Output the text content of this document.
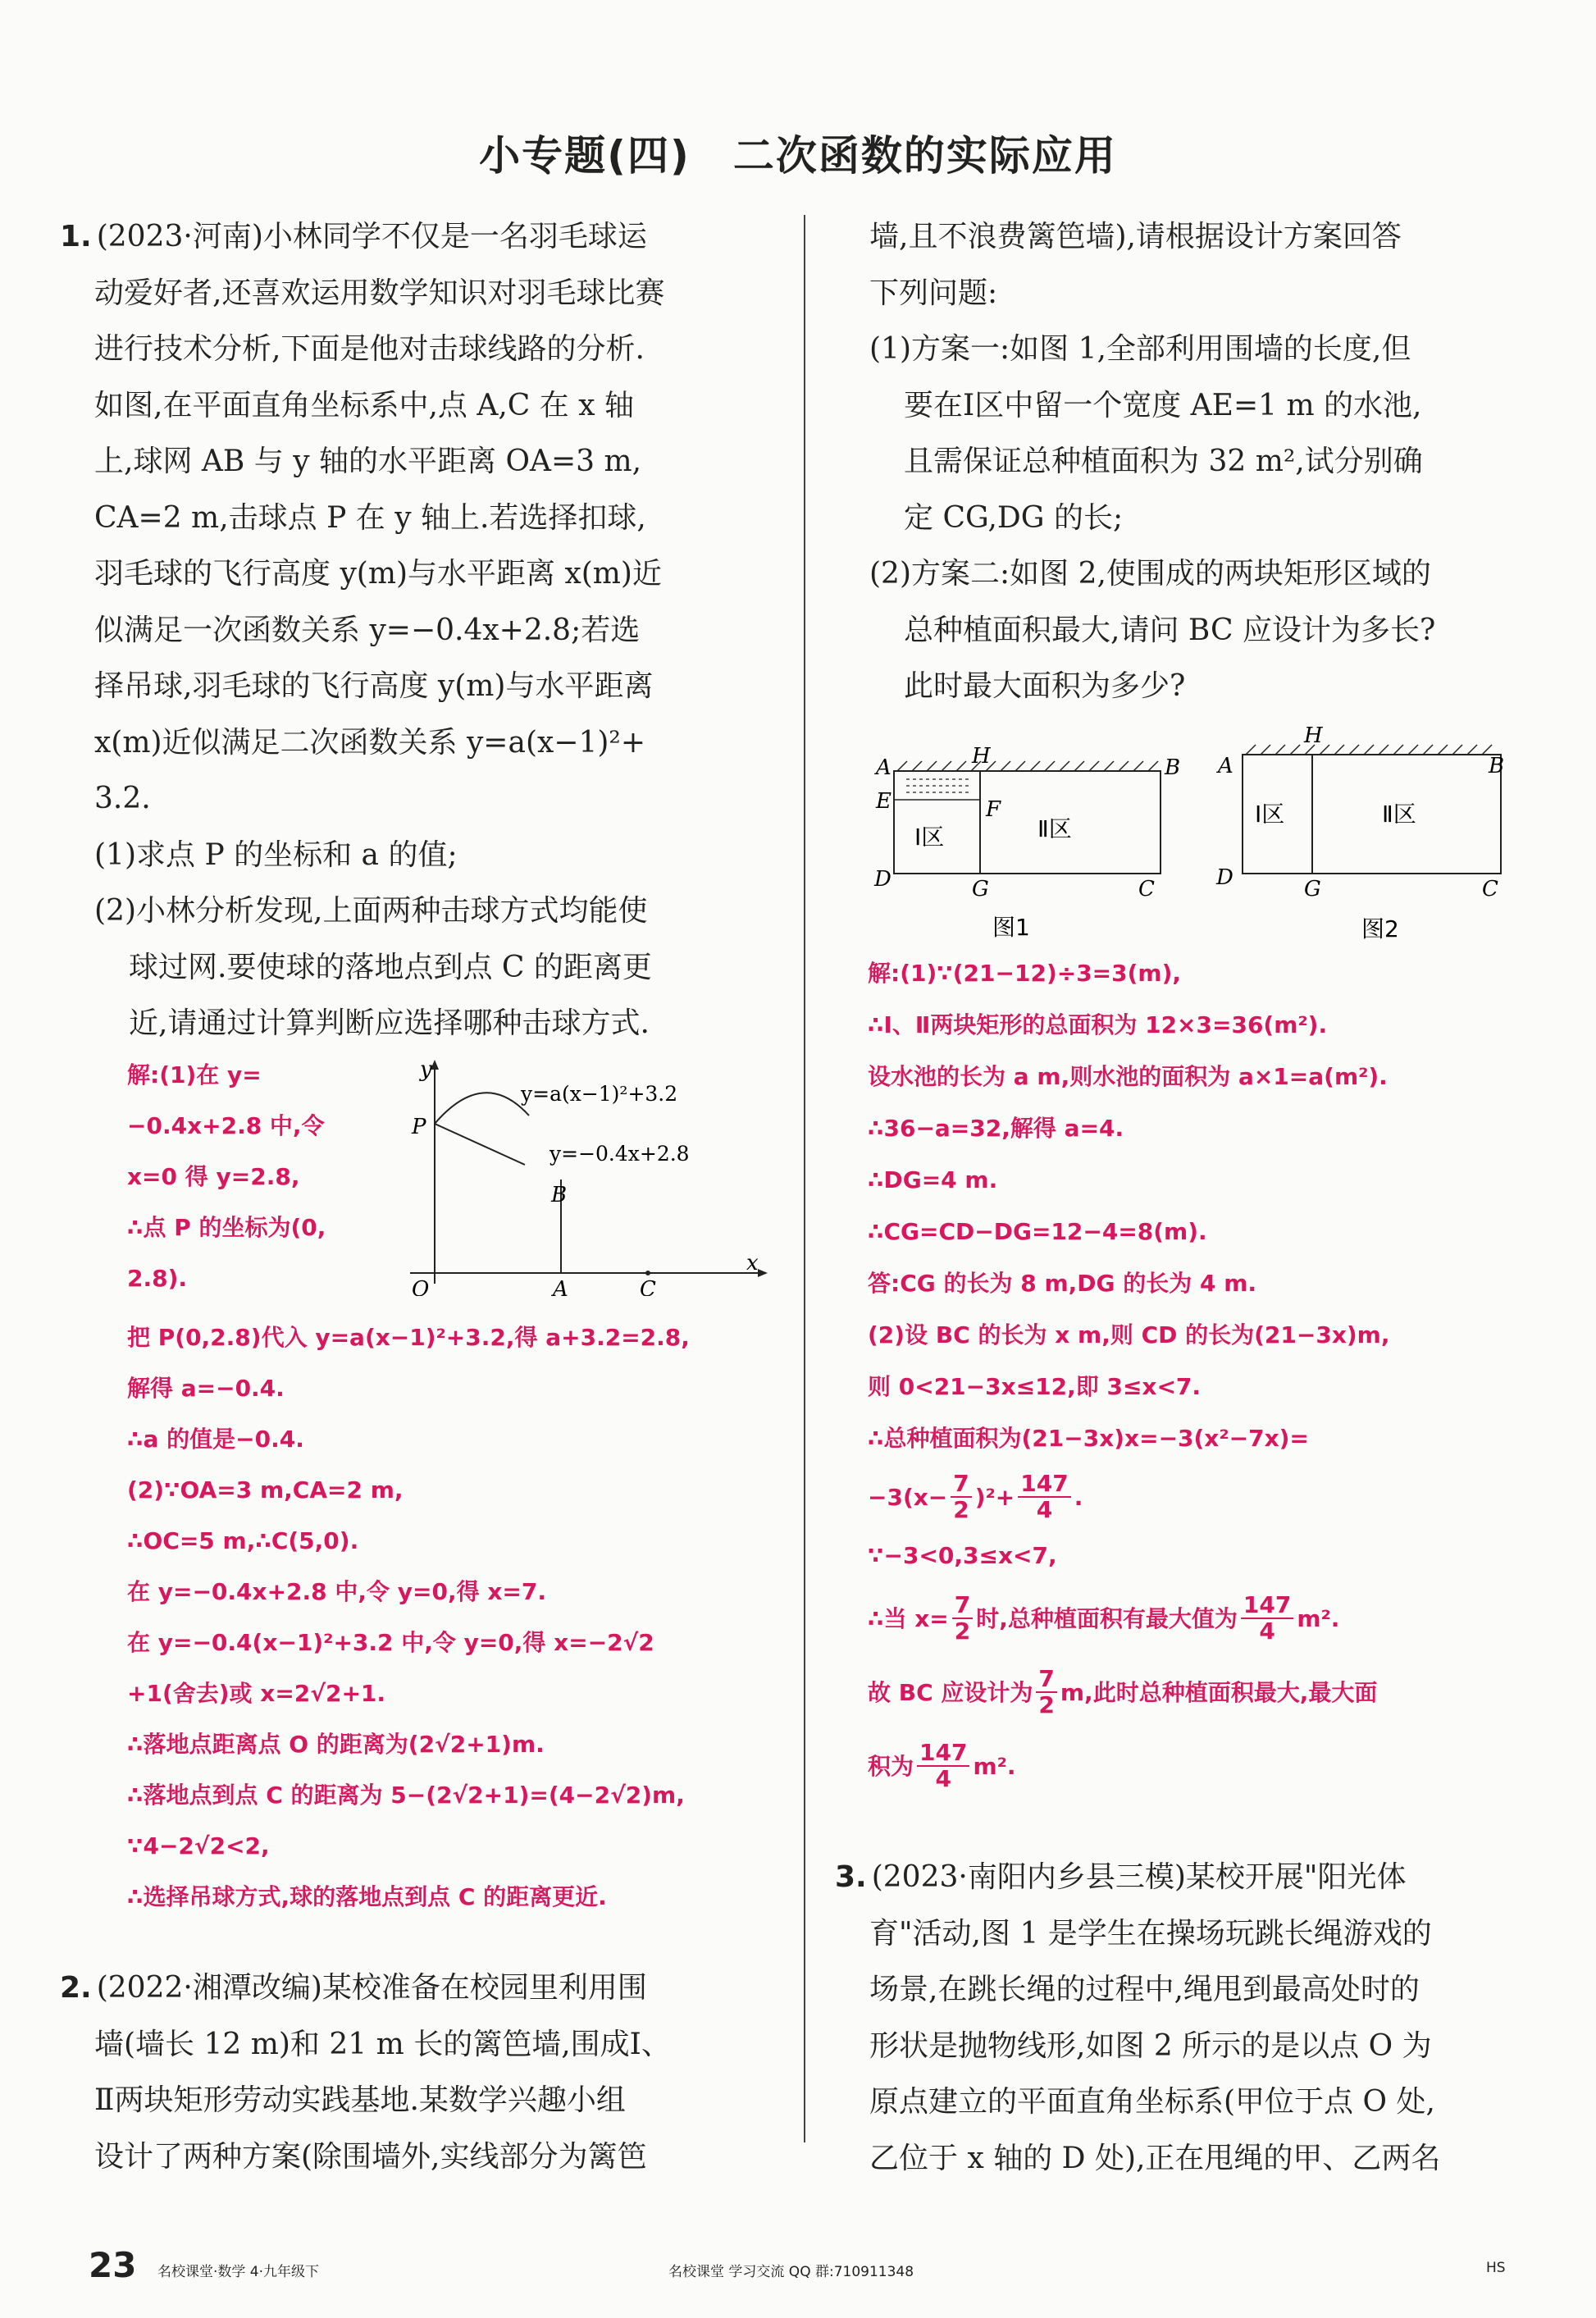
小专题(四)　二次函数的实际应用

1. (2023·河南)小林同学不仅是一名羽毛球运

动爱好者,还喜欢运用数学知识对羽毛球比赛

进行技术分析,下面是他对击球线路的分析.

如图,在平面直角坐标系中,点 A,C 在 x 轴

上,球网 AB 与 y 轴的水平距离 OA=3 m,

CA=2 m,击球点 P 在 y 轴上.若选择扣球,

羽毛球的飞行高度 y(m)与水平距离 x(m)近

似满足一次函数关系 y=−0.4x+2.8;若选

择吊球,羽毛球的飞行高度 y(m)与水平距离

x(m)近似满足二次函数关系 y=a(x−1)²+

3.2.

(1)求点 P 的坐标和 a 的值;

(2)小林分析发现,上面两种击球方式均能使

球过网.要使球的落地点到点 C 的距离更

近,请通过计算判断应选择哪种击球方式.

解:(1)在 y=

−0.4x+2.8 中,令

x=0 得 y=2.8,

∴点 P 的坐标为(0,

2.8).

y
x
O
P
A
B
C
y=a(x−1)²+3.2
y=−0.4x+2.8

把 P(0,2.8)代入 y=a(x−1)²+3.2,得 a+3.2=2.8,

解得 a=−0.4.

∴a 的值是−0.4.

(2)∵OA=3 m,CA=2 m,

∴OC=5 m,∴C(5,0).

在 y=−0.4x+2.8 中,令 y=0,得 x=7.

在 y=−0.4(x−1)²+3.2 中,令 y=0,得 x=−2√2

+1(舍去)或 x=2√2+1.

∴落地点距离点 O 的距离为(2√2+1)m.

∴落地点到点 C 的距离为 5−(2√2+1)=(4−2√2)m,

∵4−2√2<2,

∴选择吊球方式,球的落地点到点 C 的距离更近.

2. (2022·湘潭改编)某校准备在校园里利用围

墙(墙长 12 m)和 21 m 长的篱笆墙,围成Ⅰ、

Ⅱ两块矩形劳动实践基地.某数学兴趣小组

设计了两种方案(除围墙外,实线部分为篱笆

墙,且不浪费篱笆墙),请根据设计方案回答

下列问题:

(1)方案一:如图 1,全部利用围墙的长度,但

要在Ⅰ区中留一个宽度 AE=1 m 的水池,

且需保证总种植面积为 32 m²,试分别确

定 CG,DG 的长;

(2)方案二:如图 2,使围成的两块矩形区域的

总种植面积最大,请问 BC 应设计为多长?

此时最大面积为多少?

A	H	B
E	F
D	G	C
Ⅰ区	Ⅱ区
图1
A
H
B
D	G	C
Ⅰ区	Ⅱ区
图2

解:(1)∵(21−12)÷3=3(m),

∴Ⅰ、Ⅱ两块矩形的总面积为 12×3=36(m²).

设水池的长为 a m,则水池的面积为 a×1=a(m²).

∴36−a=32,解得 a=4.

∴DG=4 m.

∴CG=CD−DG=12−4=8(m).

答:CG 的长为 8 m,DG 的长为 4 m.

(2)设 BC 的长为 x m,则 CD 的长为(21−3x)m,

则 0<21−3x≤12,即 3≤x<7.

∴总种植面积为(21−3x)x=−3(x²−7x)=

$-3(x- \frac{7}{2} )^2+ \frac{147}{4}$ .

∵−3<0,3≤x<7,

∴当 $x= \frac{7}{2}$ 时,总种植面积有最大值为 $\frac{147}{4} m^2$.

故 BC 应设计为 $\frac{7}{2} m$,此时总种植面积最大,最大面

积为 $\frac{147}{4} m^2$.

3. (2023·南阳内乡县三模)某校开展"阳光体

育"活动,图 1 是学生在操场玩跳长绳游戏的

场景,在跳长绳的过程中,绳甩到最高处时的

形状是抛物线形,如图 2 所示的是以点 O 为

原点建立的平面直角坐标系(甲位于点 O 处,

乙位于 x 轴的 D 处),正在甩绳的甲、乙两名

23 名校课堂·数学 4·九年级下	名校课堂 学习交流 QQ 群:710911348	HS
